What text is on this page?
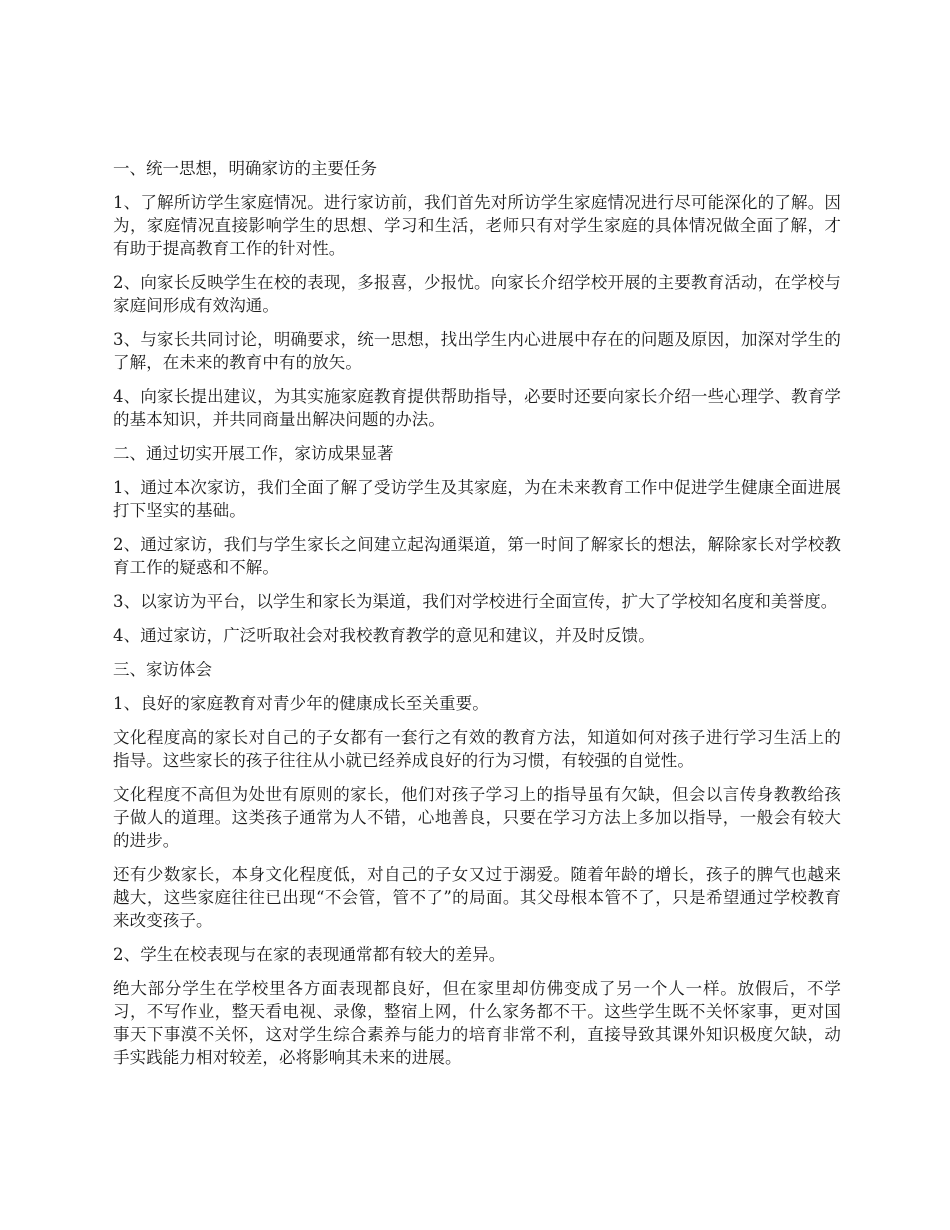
一、统一思想，明确家访的主要任务

1、了解所访学生家庭情况。进行家访前，我们首先对所访学生家庭情况进行尽可能深化的了解。因为，家庭情况直接影响学生的思想、学习和生活，老师只有对学生家庭的具体情况做全面了解，才有助于提高教育工作的针对性。

2、向家长反映学生在校的表现，多报喜，少报忧。向家长介绍学校开展的主要教育活动，在学校与家庭间形成有效沟通。

3、与家长共同讨论，明确要求，统一思想，找出学生内心进展中存在的问题及原因，加深对学生的了解，在未来的教育中有的放矢。

4、向家长提出建议，为其实施家庭教育提供帮助指导，必要时还要向家长介绍一些心理学、教育学的基本知识，并共同商量出解决问题的办法。

二、通过切实开展工作，家访成果显著

1、通过本次家访，我们全面了解了受访学生及其家庭，为在未来教育工作中促进学生健康全面进展打下坚实的基础。

2、通过家访，我们与学生家长之间建立起沟通渠道，第一时间了解家长的想法，解除家长对学校教育工作的疑惑和不解。

3、以家访为平台，以学生和家长为渠道，我们对学校进行全面宣传，扩大了学校知名度和美誉度。

4、通过家访，广泛听取社会对我校教育教学的意见和建议，并及时反馈。

三、家访体会

1、良好的家庭教育对青少年的健康成长至关重要。

文化程度高的家长对自己的子女都有一套行之有效的教育方法，知道如何对孩子进行学习生活上的指导。这些家长的孩子往往从小就已经养成良好的行为习惯，有较强的自觉性。

文化程度不高但为处世有原则的家长，他们对孩子学习上的指导虽有欠缺，但会以言传身教教给孩子做人的道理。这类孩子通常为人不错，心地善良，只要在学习方法上多加以指导，一般会有较大的进步。

还有少数家长，本身文化程度低，对自己的子女又过于溺爱。随着年龄的增长，孩子的脾气也越来越大，这些家庭往往已出现“不会管，管不了”的局面。其父母根本管不了，只是希望通过学校教育来改变孩子。

2、学生在校表现与在家的表现通常都有较大的差异。

绝大部分学生在学校里各方面表现都良好，但在家里却仿佛变成了另一个人一样。放假后，不学习，不写作业，整天看电视、录像，整宿上网，什么家务都不干。这些学生既不关怀家事，更对国事天下事漠不关怀，这对学生综合素养与能力的培育非常不利，直接导致其课外知识极度欠缺，动手实践能力相对较差，必将影响其未来的进展。
